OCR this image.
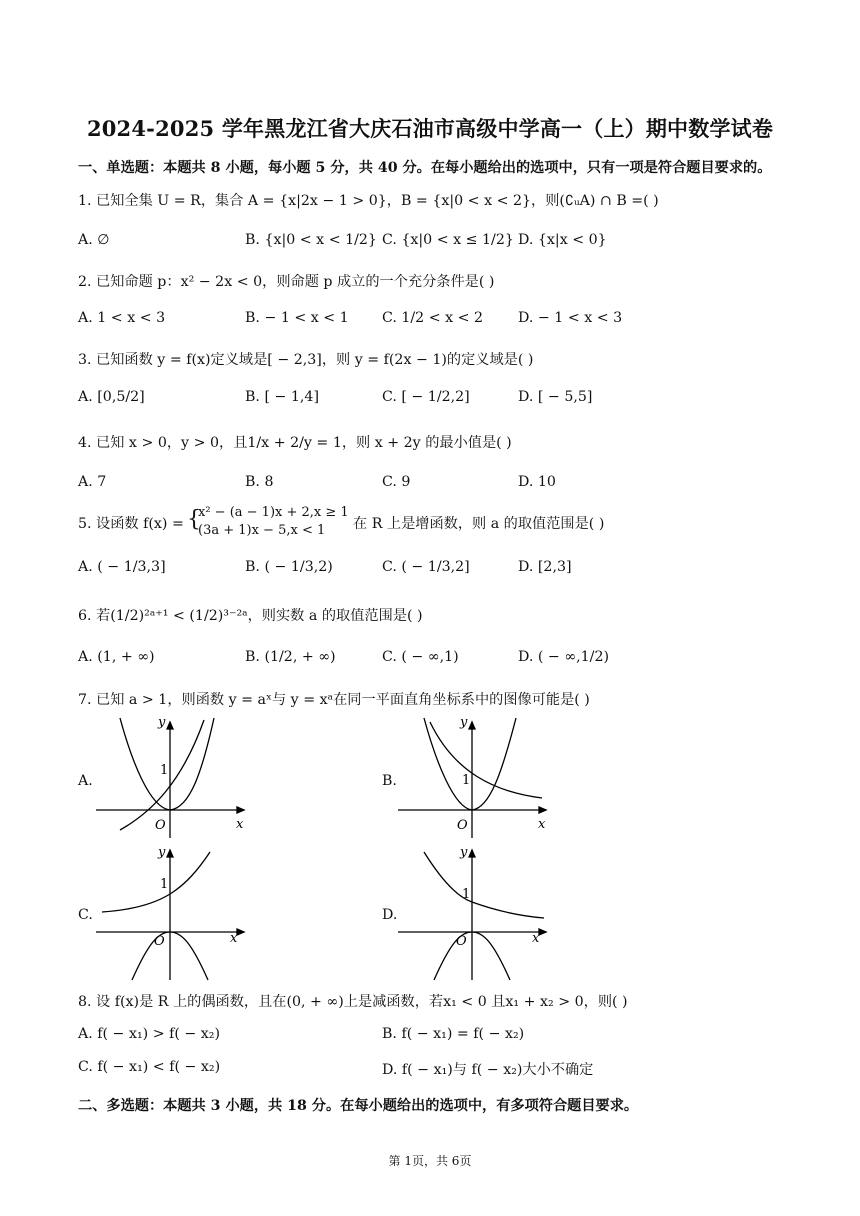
2024-2025 学年黑龙江省大庆石油市高级中学高一（上）期中数学试卷
一、单选题：本题共 8 小题，每小题 5 分，共 40 分。在每小题给出的选项中，只有一项是符合题目要求的。
1. 已知全集 U = R，集合 A = {x|2x − 1 > 0}，B = {x|0 < x < 2}，则(∁ᵤA) ∩ B =( )
A. ∅	B. {x|0 < x < 1/2} C. {x|0 < x ≤ 1/2} D. {x|x < 0}
2. 已知命题 p：x² − 2x < 0，则命题 p 成立的一个充分条件是( )
A. 1 < x < 3	B. − 1 < x < 1 C. 1/2 < x < 2 D. − 1 < x < 3
3. 已知函数 y = f(x)定义域是[ − 2,3]，则 y = f(2x − 1)的定义域是( )
A. [0,5/2]	B. [ − 1,4]	C. [ − 1/2,2]	D. [ − 5,5]
4. 已知 x > 0，y > 0，且1/x + 2/y = 1，则 x + 2y 的最小值是( )
A. 7	B. 8	C. 9	D. 10
5. 设函数 f(x) = {
x² − (a − 1)x + 2,x ≥ 1
(3a + 1)x − 5,x < 1 在 R 上是增函数，则 a 的取值范围是( )
A. ( − 1/3,3]	B. ( − 1/3,2)	C. ( − 1/3,2]	D. [2,3]
6. 若(1/2)²ᵃ⁺¹ < (1/2)³⁻²ᵃ，则实数 a 的取值范围是( )
A. (1, + ∞)	B. (1/2, + ∞)	C. ( − ∞,1)	D. ( − ∞,1/2)
7. 已知 a > 1，则函数 y = aˣ与 y = xᵃ在同一平面直角坐标系中的图像可能是( )
A.	B.
C.	D.
y
x
O
1
y
x
O
1
y
x
O
1
y
x
O
1
8. 设 f(x)是 R 上的偶函数，且在(0, + ∞)上是减函数，若x₁ < 0 且x₁ + x₂ > 0，则( )
A. f( − x₁) > f( − x₂)	B. f( − x₁) = f( − x₂)
C. f( − x₁) < f( − x₂)	D. f( − x₁)与 f( − x₂)大小不确定
二、多选题：本题共 3 小题，共 18 分。在每小题给出的选项中，有多项符合题目要求。
第 1页，共 6页
